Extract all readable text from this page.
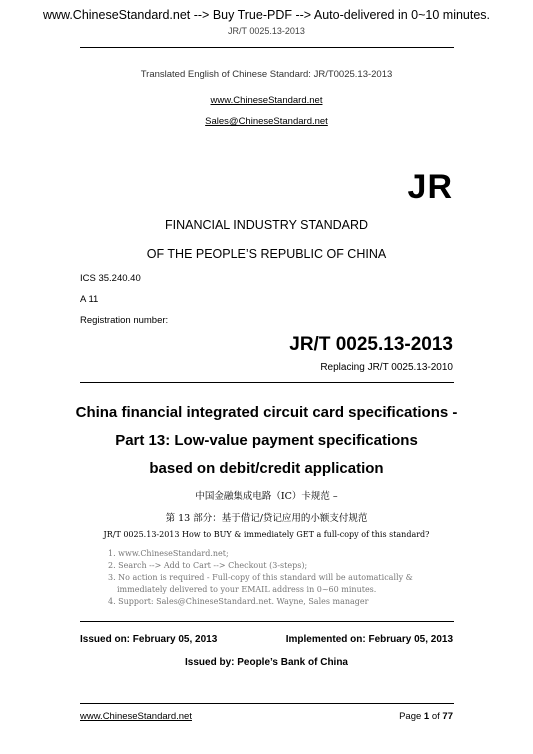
www.ChineseStandard.net --> Buy True-PDF --> Auto-delivered in 0~10 minutes.
JR/T 0025.13-2013
Translated English of Chinese Standard: JR/T0025.13-2013
www.ChineseStandard.net
Sales@ChineseStandard.net
JR
FINANCIAL INDUSTRY STANDARD
OF THE PEOPLE’S REPUBLIC OF CHINA
ICS 35.240.40
A 11
Registration number:
JR/T 0025.13-2013
Replacing JR/T 0025.13-2010
China financial integrated circuit card specifications -
Part 13: Low-value payment specifications
based on debit/credit application
中国金融集成电路（IC）卡规范 –
第 13 部分：基于借记/贷记应用的小额支付规范
JR/T 0025.13-2013 How to BUY & immediately GET a full-copy of this standard?
1. www.ChineseStandard.net;
2. Search --> Add to Cart --> Checkout (3-steps);
3. No action is required - Full-copy of this standard will be automatically &
immediately delivered to your EMAIL address in 0~60 minutes.
4. Support: Sales@ChineseStandard.net. Wayne, Sales manager
Issued on: February 05, 2013	Implemented on: February 05, 2013
Issued by: People’s Bank of China
www.ChineseStandard.net	Page 1 of 77
